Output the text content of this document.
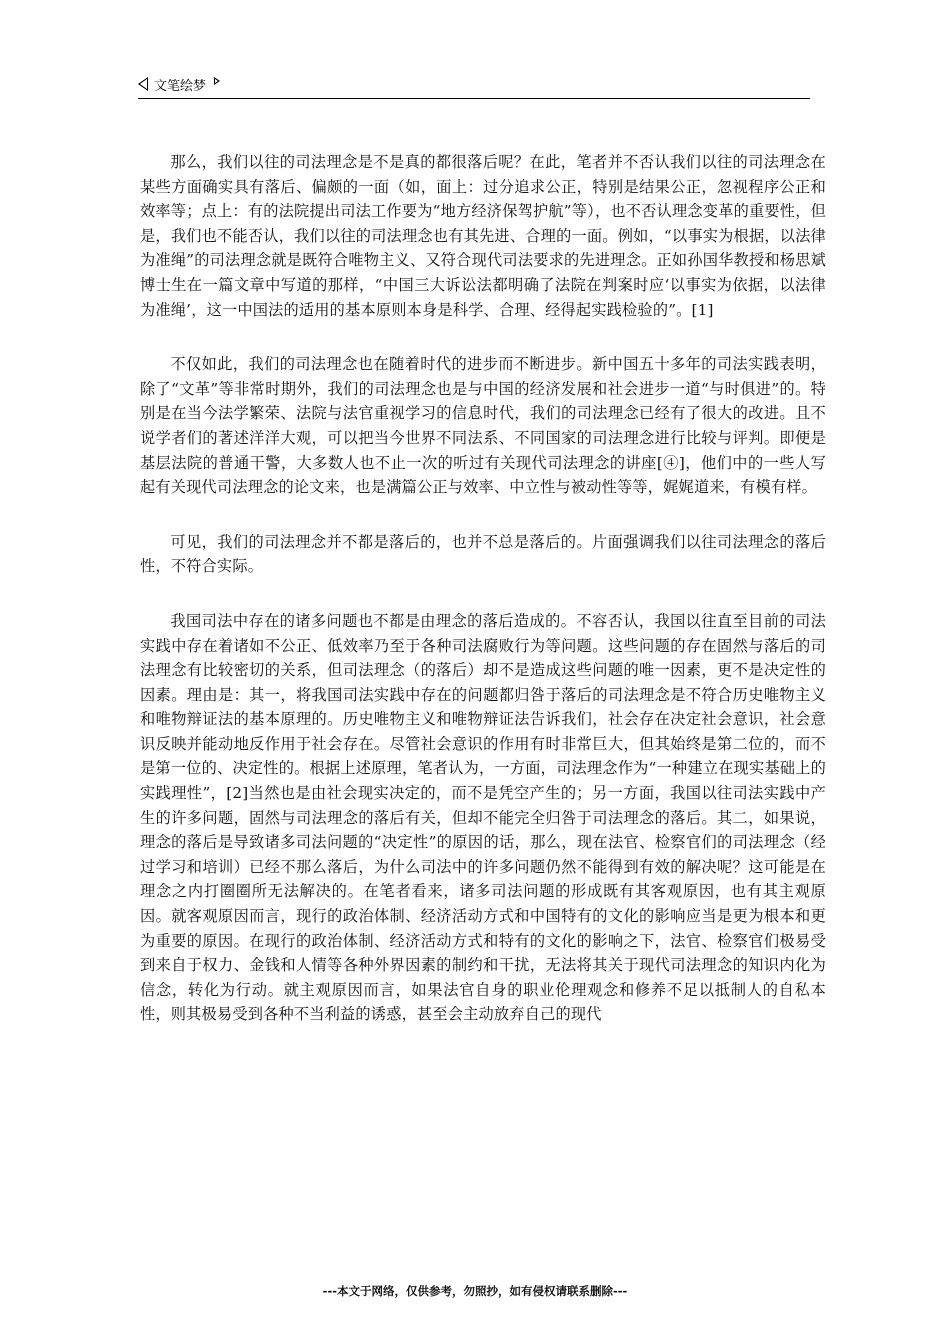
文笔绘梦

那么，我们以往的司法理念是不是真的都很落后呢？在此，笔者并不否认我们以往的司法理念在某些方面确实具有落后、偏颇的一面（如，面上：过分追求公正，特别是结果公正，忽视程序公正和效率等；点上：有的法院提出司法工作要为“地方经济保驾护航”等），也不否认理念变革的重要性，但是，我们也不能否认，我们以往的司法理念也有其先进、合理的一面。例如，“以事实为根据，以法律为准绳”的司法理念就是既符合唯物主义、又符合现代司法要求的先进理念。正如孙国华教授和杨思斌博士生在一篇文章中写道的那样，“中国三大诉讼法都明确了法院在判案时应‘以事实为依据，以法律为准绳’，这一中国法的适用的基本原则本身是科学、合理、经得起实践检验的”。[1]

不仅如此，我们的司法理念也在随着时代的进步而不断进步。新中国五十多年的司法实践表明，除了“文革”等非常时期外，我们的司法理念也是与中国的经济发展和社会进步一道“与时俱进”的。特别是在当今法学繁荣、法院与法官重视学习的信息时代，我们的司法理念已经有了很大的改进。且不说学者们的著述洋洋大观，可以把当今世界不同法系、不同国家的司法理念进行比较与评判。即便是基层法院的普通干警，大多数人也不止一次的听过有关现代司法理念的讲座[④]，他们中的一些人写起有关现代司法理念的论文来，也是满篇公正与效率、中立性与被动性等等，娓娓道来，有模有样。

可见，我们的司法理念并不都是落后的，也并不总是落后的。片面强调我们以往司法理念的落后性，不符合实际。

我国司法中存在的诸多问题也不都是由理念的落后造成的。不容否认，我国以往直至目前的司法实践中存在着诸如不公正、低效率乃至于各种司法腐败行为等问题。这些问题的存在固然与落后的司法理念有比较密切的关系，但司法理念（的落后）却不是造成这些问题的唯一因素，更不是决定性的因素。理由是：其一，将我国司法实践中存在的问题都归咎于落后的司法理念是不符合历史唯物主义和唯物辩证法的基本原理的。历史唯物主义和唯物辩证法告诉我们，社会存在决定社会意识，社会意识反映并能动地反作用于社会存在。尽管社会意识的作用有时非常巨大，但其始终是第二位的，而不是第一位的、决定性的。根据上述原理，笔者认为，一方面，司法理念作为“一种建立在现实基础上的实践理性”，[2]当然也是由社会现实决定的，而不是凭空产生的；另一方面，我国以往司法实践中产生的许多问题，固然与司法理念的落后有关，但却不能完全归咎于司法理念的落后。其二，如果说，理念的落后是导致诸多司法问题的“决定性”的原因的话，那么，现在法官、检察官们的司法理念（经过学习和培训）已经不那么落后，为什么司法中的许多问题仍然不能得到有效的解决呢？这可能是在理念之内打圈圈所无法解决的。在笔者看来，诸多司法问题的形成既有其客观原因，也有其主观原因。就客观原因而言，现行的政治体制、经济活动方式和中国特有的文化的影响应当是更为根本和更为重要的原因。在现行的政治体制、经济活动方式和特有的文化的影响之下，法官、检察官们极易受到来自于权力、金钱和人情等各种外界因素的制约和干扰，无法将其关于现代司法理念的知识内化为信念，转化为行动。就主观原因而言，如果法官自身的职业伦理观念和修养不足以抵制人的自私本性，则其极易受到各种不当利益的诱惑，甚至会主动放弃自己的现代

---本文于网络，仅供参考，勿照抄，如有侵权请联系删除---
